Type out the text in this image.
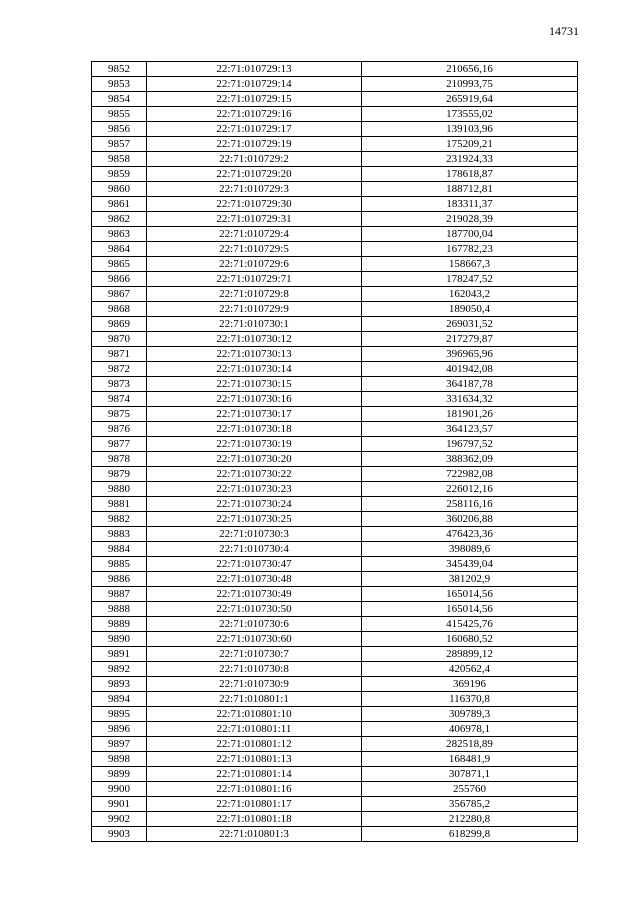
14731
9852	22:71:010729:13	210656,16
9853	22:71:010729:14	210993,75
9854	22:71:010729:15	265919,64
9855	22:71:010729:16	173555,02
9856	22:71:010729:17	139103,96
9857	22:71:010729:19	175209,21
9858	22:71:010729:2	231924,33
9859	22:71:010729:20	178618,87
9860	22:71:010729:3	188712,81
9861	22:71:010729:30	183311,37
9862	22:71:010729:31	219028,39
9863	22:71:010729:4	187700,04
9864	22:71:010729:5	167782,23
9865	22:71:010729:6	158667,3
9866	22:71:010729:71	178247,52
9867	22:71:010729:8	162043,2
9868	22:71:010729:9	189050,4
9869	22:71:010730:1	269031,52
9870	22:71:010730:12	217279,87
9871	22:71:010730:13	396965,96
9872	22:71:010730:14	401942,08
9873	22:71:010730:15	364187,78
9874	22:71:010730:16	331634,32
9875	22:71:010730:17	181901,26
9876	22:71:010730:18	364123,57
9877	22:71:010730:19	196797,52
9878	22:71:010730:20	388362,09
9879	22:71:010730:22	722982,08
9880	22:71:010730:23	226012,16
9881	22:71:010730:24	258116,16
9882	22:71:010730:25	360206,88
9883	22:71:010730:3	476423,36
9884	22:71:010730:4	398089,6
9885	22:71:010730:47	345439,04
9886	22:71:010730:48	381202,9
9887	22:71:010730:49	165014,56
9888	22:71:010730:50	165014,56
9889	22:71:010730:6	415425,76
9890	22:71:010730:60	160680,52
9891	22:71:010730:7	289899,12
9892	22:71:010730:8	420562,4
9893	22:71:010730:9	369196
9894	22:71:010801:1	116370,8
9895	22:71:010801:10	309789,3
9896	22:71:010801:11	406978,1
9897	22:71:010801:12	282518,89
9898	22:71:010801:13	168481,9
9899	22:71:010801:14	307871,1
9900	22:71:010801:16	255760
9901	22:71:010801:17	356785,2
9902	22:71:010801:18	212280,8
9903	22:71:010801:3	618299,8
